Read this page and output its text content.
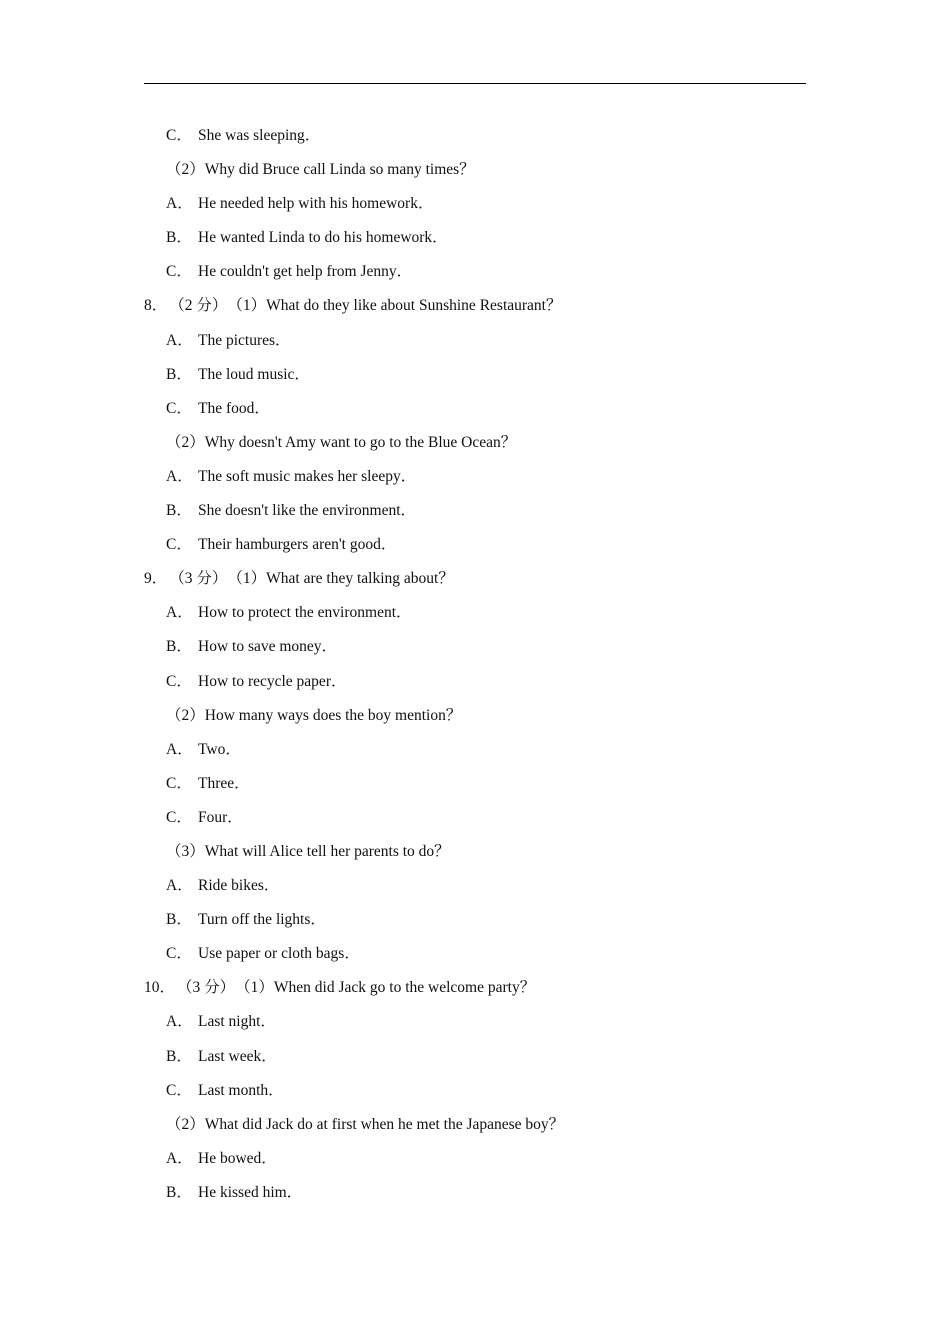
C． She was sleeping．
（2）Why did Bruce call Linda so many times？
A． He needed help with his homework．
B． He wanted Linda to do his homework．
C． He couldn't get help from Jenny．
8． （2 分）（1）What do they like about Sunshine Restaurant？
A． The pictures．
B． The loud music．
C． The food．
（2）Why doesn't Amy want to go to the Blue Ocean？
A． The soft music makes her sleepy．
B． She doesn't like the environment．
C． Their hamburgers aren't good．
9． （3 分）（1）What are they talking about？
A． How to protect the environment．
B． How to save money．
C． How to recycle paper．
（2）How many ways does the boy mention？
A． Two．
C． Three．
C． Four．
（3）What will Alice tell her parents to do？
A． Ride bikes．
B． Turn off the lights．
C． Use paper or cloth bags．
10． （3 分）（1）When did Jack go to the welcome party？
A． Last night．
B． Last week．
C． Last month．
（2）What did Jack do at first when he met the Japanese boy？
A． He bowed．
B． He kissed him．
